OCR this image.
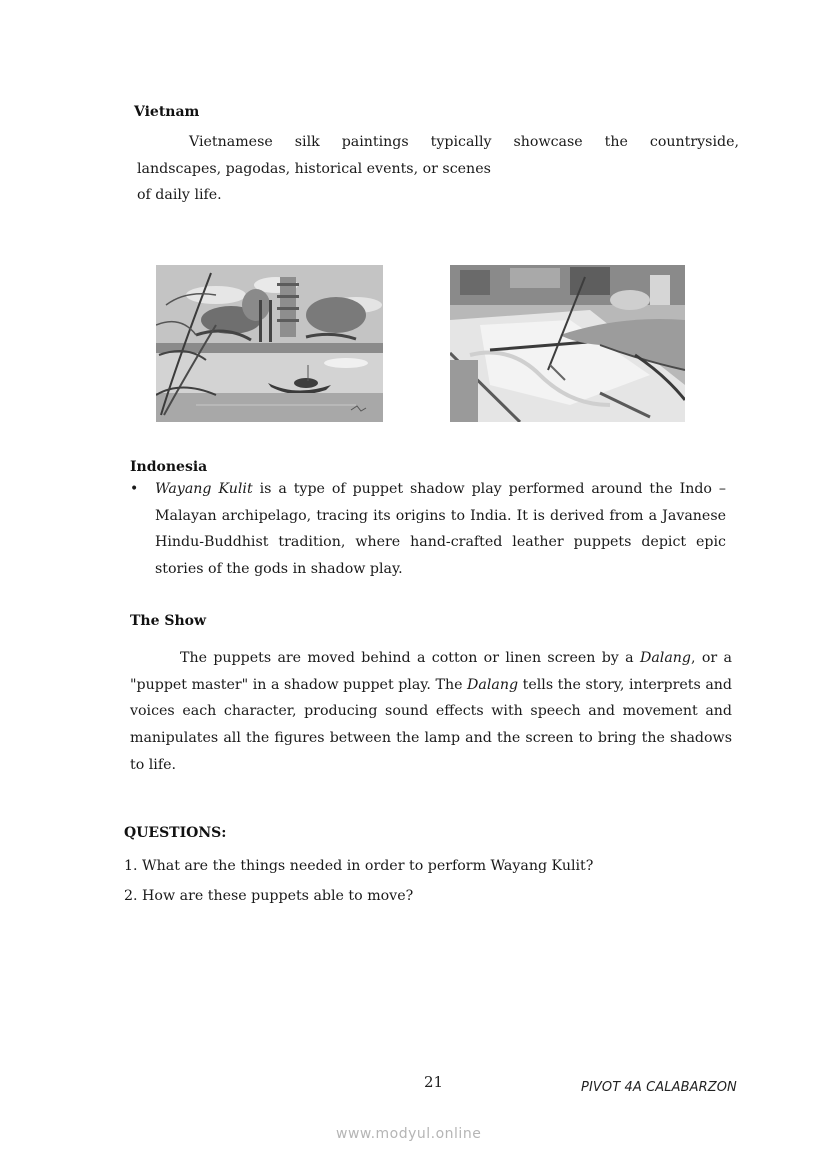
Vietnam

Vietnamese silk paintings typically showcase the countryside,
landscapes, pagodas, historical events, or scenes
of daily life.

Indonesia
• Wayang Kulit is a type of puppet shadow play performed around the Indo – Malayan archipelago, tracing its origins to India. It is derived from a Javanese Hindu-Buddhist tradition, where hand-crafted leather puppets depict epic stories of the gods in shadow play.
The Show

The puppets are moved behind a cotton or linen screen by a Dalang, or a "puppet master" in a shadow puppet play. The Dalang tells the story, interprets and voices each character, producing sound effects with speech and movement and manipulates all the figures between the lamp and the screen to bring the shadows to life.

QUESTIONS:
1. What are the things needed in order to perform Wayang Kulit?
2. How are these puppets able to move?
21	PIVOT 4A CALABARZON
www.modyul.online
